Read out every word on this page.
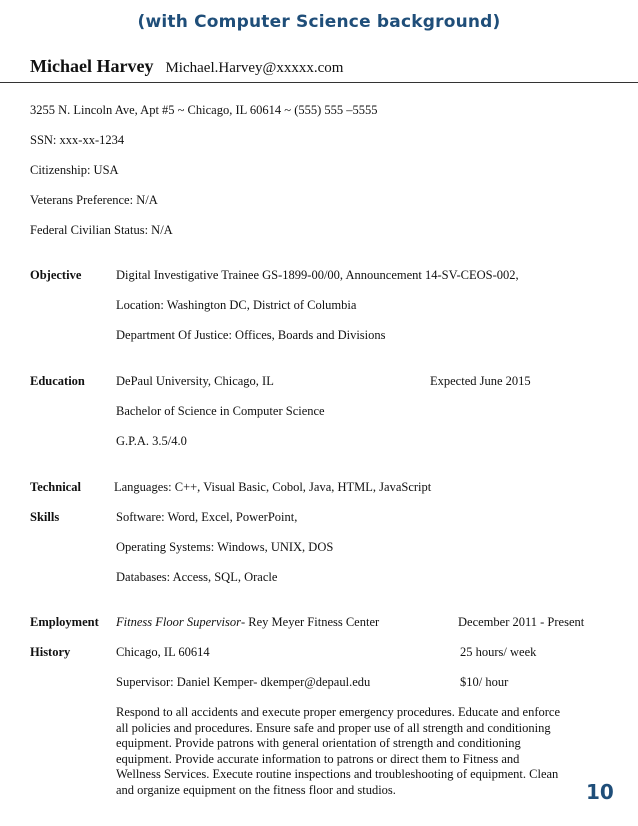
(with Computer Science background)
Michael Harvey Michael.Harvey@xxxxx.com
3255 N. Lincoln Ave, Apt #5 ~ Chicago, IL 60614 ~ (555) 555 –5555
SSN: xxx-xx-1234
Citizenship: USA
Veterans Preference: N/A
Federal Civilian Status: N/A
Objective	Digital Investigative Trainee GS-1899-00/00, Announcement 14-SV-CEOS-002,
Location: Washington DC, District of Columbia
Department Of Justice: Offices, Boards and Divisions
Education DePaul University, Chicago, IL	Expected June 2015
Bachelor of Science in Computer Science
G.P.A. 3.5/4.0
Technical	Languages: C++, Visual Basic, Cobol, Java, HTML, JavaScript
Skills	Software: Word, Excel, PowerPoint,
Operating Systems: Windows, UNIX, DOS
Databases: Access, SQL, Oracle
Employment Fitness Floor Supervisor- Rey Meyer Fitness Center	December 2011 - Present
History	Chicago, IL 60614	25 hours/ week
Supervisor: Daniel Kemper- dkemper@depaul.edu	$10/ hour
Respond to all accidents and execute proper emergency procedures. Educate and enforce all policies and procedures. Ensure safe and proper use of all strength and conditioning equipment. Provide patrons with general orientation of strength and conditioning equipment. Provide accurate information to patrons or direct them to Fitness and Wellness Services. Execute routine inspections and troubleshooting of equipment. Clean and organize equipment on the fitness floor and studios.	10
